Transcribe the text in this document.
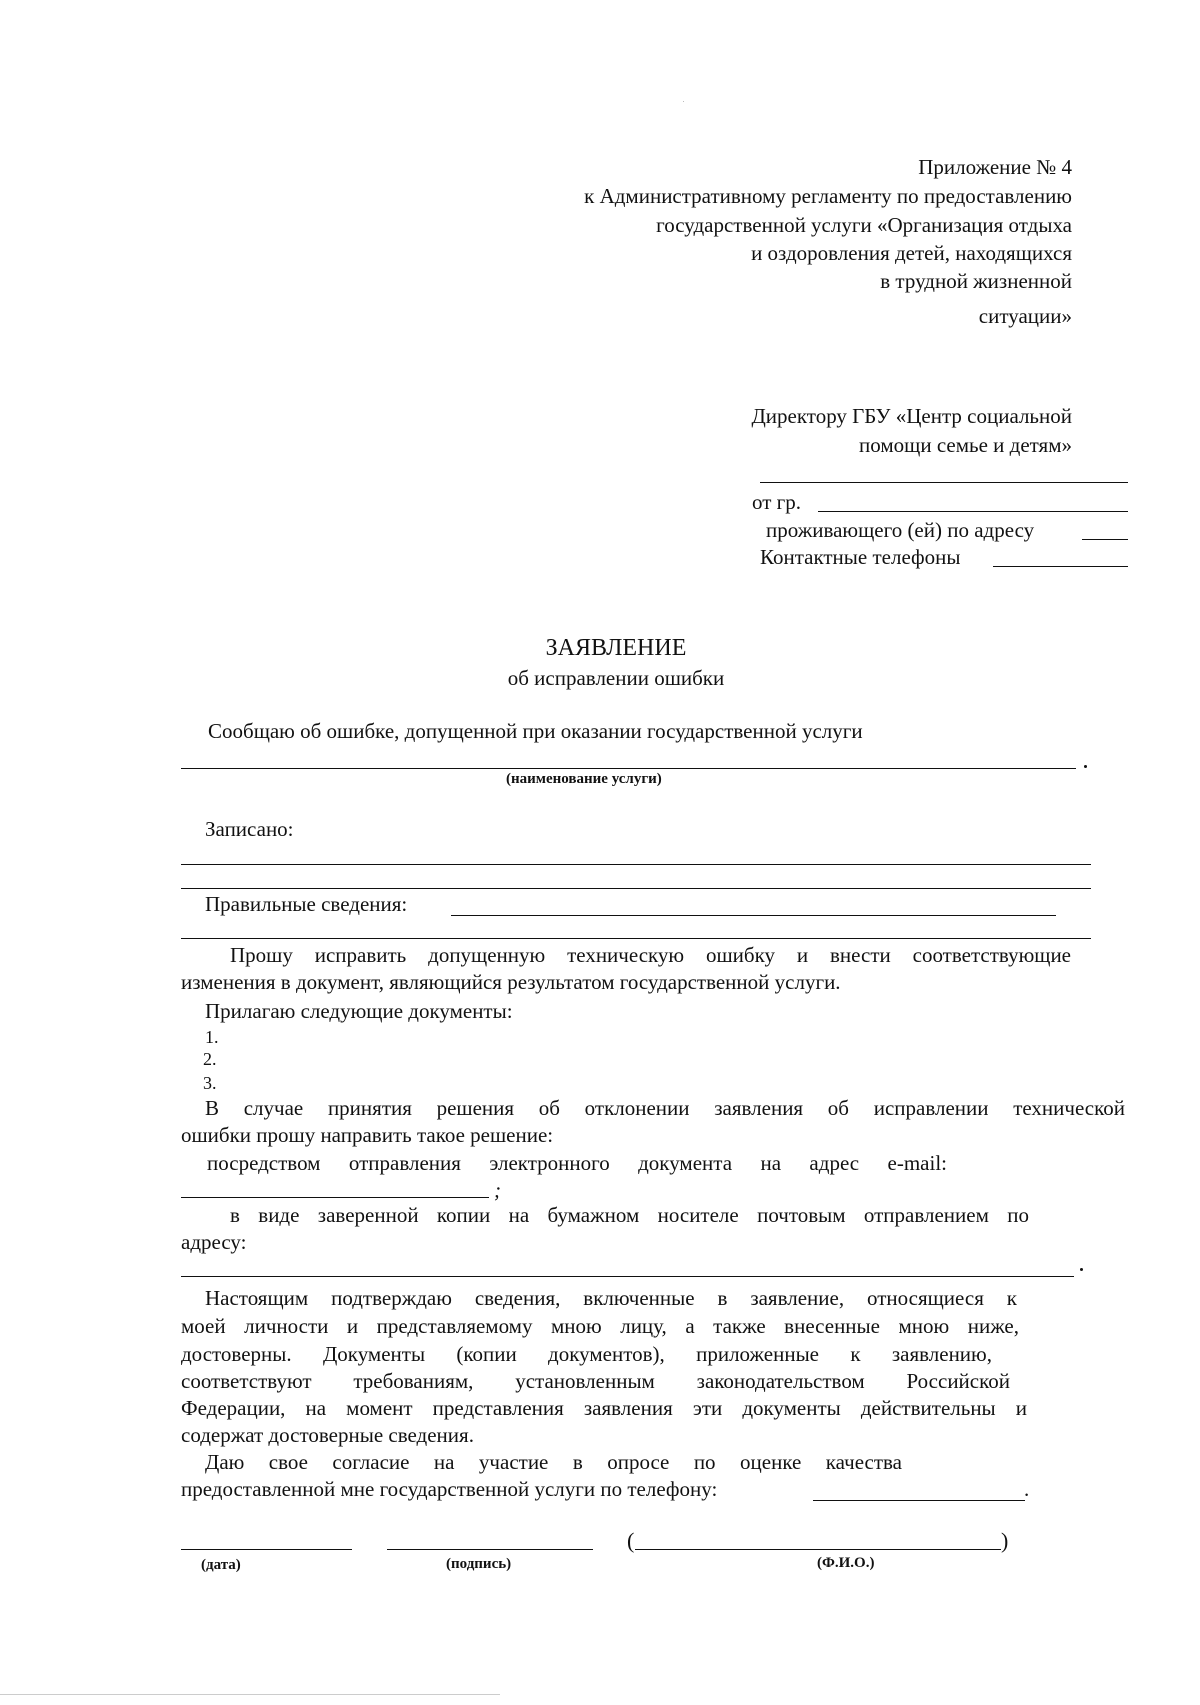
Приложение № 4
к Административному регламенту по предоставлению
государственной услуги «Организация отдыха
и оздоровления детей, находящихся
в трудной жизненной
ситуации»
Директору ГБУ «Центр социальной
помощи семье и детям»
от гр.
проживающего (ей) по адресу
Контактные телефоны
ЗАЯВЛЕНИЕ
об исправлении ошибки
Сообщаю об ошибке, допущенной при оказании государственной услуги
(наименование услуги)
Записано:
Правильные сведения:
Прошу исправить допущенную техническую ошибку и внести соответствующие
изменения в документ, являющийся результатом государственной услуги.
Прилагаю следующие документы:
1.
2.
3.
В случае принятия решения об отклонении заявления об исправлении технической
ошибки прошу направить такое решение:
посредством отправления электронного документа на адрес e-mail:
;
в виде заверенной копии на бумажном носителе почтовым отправлением по
адресу:
Настоящим подтверждаю сведения, включенные в заявление, относящиеся к
моей личности и представляемому мною лицу, а также внесенные мною ниже,
достоверны. Документы (копии документов), приложенные к заявлению,
соответствуют требованиям, установленным законодательством Российской
Федерации, на момент представления заявления эти документы действительны и
содержат достоверные сведения.
Даю свое согласие на участие в опросе по оценке качества
предоставленной мне государственной услуги по телефону:	.
(	)
(дата)	(подпись)	(Ф.И.О.)
